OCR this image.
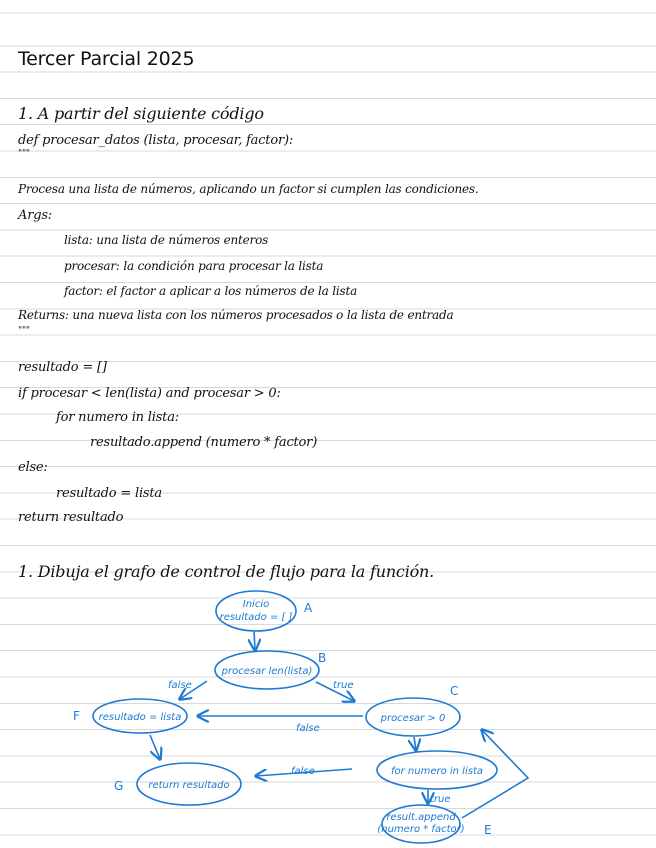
Tercer Parcial 2025
1. A partir del siguiente código
def procesar_datos (lista, procesar, factor):
"""
Procesa una lista de números, aplicando un factor si cumplen las condiciones.
Args:
lista: una lista de números enteros
procesar: la condición para procesar la lista
factor: el factor a aplicar a los números de la lista
Returns: una nueva lista con los números procesados o la lista de entrada
"""
resultado = []
if procesar < len(lista) and procesar > 0:
for numero in lista:
resultado.append (numero * factor)
else:
resultado = lista
return resultado
1. Dibuja el grafo de control de flujo para la función.
Inicio
resultado = [ ]
A
procesar len(lista)
B
procesar > 0
C
resultado = lista
F
for numero in lista
return resultado
G
result.append
(numero * factor) E
false	true
false
false
true
